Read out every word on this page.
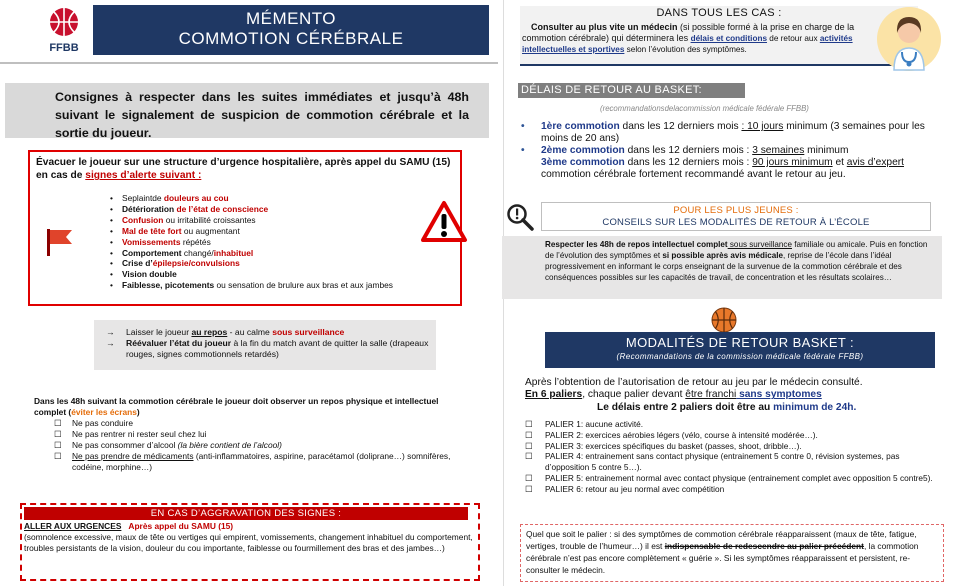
FFBB
MÉMENTO
COMMOTION CÉRÉBRALE
Consignes à respecter dans les suites immédiates et jusqu’à 48h suivant le signalement de suspicion de commotion cérébrale et la sortie du joueur.
Évacuer le joueur sur une structure d’urgence hospitalière, après appel du SAMU (15) en cas de signes d’alerte suivant :
• Seplaintde douleurs au cou
• Détérioration de l’état de conscience
• Confusion ou irritabilité croissantes
• Mal de tête fort ou augmentant
• Vomissements répétés
• Comportement changé/inhabituel
• Crise d’épilepsie/convulsions
• Vision double
• Faiblesse, picotements ou sensation de brulure aux bras et aux jambes
→ Laisser le joueur au repos - au calme sous surveillance
→ Réévaluer l’état du joueur à la fin du match avant de quitter la salle (drapeaux rouges, signes commotionnels retardés)
Dans les 48h suivant la commotion cérébrale le joueur doit observer un repos physique et intellectuel complet (éviter les écrans)
☐ Ne pas conduire
☐ Ne pas rentrer ni rester seul chez lui
☐ Ne pas consommer d’alcool (la bière contient de l’alcool)
☐ Ne pas prendre de médicaments (anti-inflammatoires, aspirine, paracétamol (doliprane…) somnifères, codéine, morphine…)
EN CAS D’AGGRAVATION DES SIGNES :
ALLER AUX URGENCES Après appel du SAMU (15)
(somnolence excessive, maux de tête ou vertiges qui empirent, vomissements, changement inhabituel du comportement, troubles persistants de la vision, douleur du cou importante, faiblesse ou fourmillement des bras et des jambes…)
DANS TOUS LES CAS :
Consulter au plus vite un médecin (si possible formé à la prise en charge de la commotion cérébrale) qui déterminera les délais et conditions de retour aux activités intellectuelles et sportives selon l’évolution des symptômes.
DÉLAIS DE RETOUR AU BASKET:
(recommandationsdelacommission médicale fédérale FFBB)
• 1ère commotion dans les 12 derniers mois : 10 jours minimum (3 semaines pour les moins de 20 ans)
• 2ème commotion dans les 12 derniers mois : 3 semaines minimum
3ème commotion dans les 12 derniers mois : 90 jours minimum et avis d’expert commotion cérébrale fortement recommandé avant le retour au jeu.
POUR LES PLUS JEUNES :
CONSEILS SUR LES MODALITÉS DE RETOUR À L’ÉCOLE
Respecter les 48h de repos intellectuel complet sous surveillance familiale ou amicale. Puis en fonction de l’évolution des symptômes et si possible après avis médicale, reprise de l’école dans l’idéal progressivement en informant le corps enseignant de la survenue de la commotion cérébrale et des conséquences possibles sur les capacités de travail, de concentration et les résultats scolaires…
MODALITÉS DE RETOUR BASKET :
(Recommandations de la commission médicale fédérale FFBB)
Après l’obtention de l’autorisation de retour au jeu par le médecin consulté.
En 6 paliers, chaque palier devant être franchi sans symptomes
Le délais entre 2 paliers doit être au minimum de 24h.
☐ PALIER 1: aucune activité.
☐ PALIER 2: exercices aérobies légers (vélo, course à intensité modérée…).
☐ PALIER 3: exercices spécifiques du basket (passes, shoot, dribble…).
☐ PALIER 4: entrainement sans contact physique (entrainement 5 contre 0, révision systemes, pas d’opposition 5 contre 5…).
☐ PALIER 5: entrainement normal avec contact physique (entrainement complet avec opposition 5 contre5).
☐ PALIER 6: retour au jeu normal avec compétition
Quel que soit le palier : si des symptômes de commotion cérébrale réapparaissent (maux de tête, fatigue, vertiges, trouble de l’humeur…) il est indispensable de redescendre au palier précédent, la commotion cérébrale n’est pas encore complètement « guérie ». Si les symptômes réapparaissent et persistent, re-consulter le médecin.
